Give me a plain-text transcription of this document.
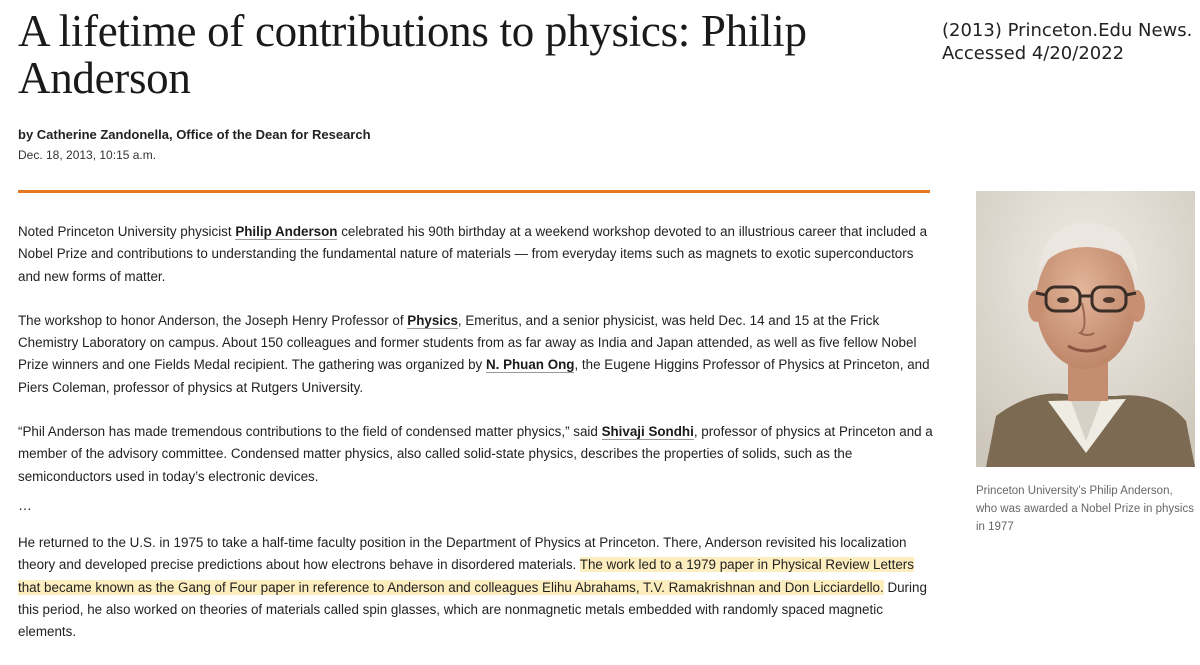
A lifetime of contributions to physics: Philip Anderson
(2013) Princeton.Edu News. Accessed 4/20/2022
by Catherine Zandonella, Office of the Dean for Research
Dec. 18, 2013, 10:15 a.m.

Noted Princeton University physicist Philip Anderson celebrated his 90th birthday at a weekend workshop devoted to an illustrious career that included a Nobel Prize and contributions to understanding the fundamental nature of materials — from everyday items such as magnets to exotic superconductors and new forms of matter.

The workshop to honor Anderson, the Joseph Henry Professor of Physics, Emeritus, and a senior physicist, was held Dec. 14 and 15 at the Frick Chemistry Laboratory on campus. About 150 colleagues and former students from as far away as India and Japan attended, as well as five fellow Nobel Prize winners and one Fields Medal recipient. The gathering was organized by N. Phuan Ong, the Eugene Higgins Professor of Physics at Princeton, and Piers Coleman, professor of physics at Rutgers University.

“Phil Anderson has made tremendous contributions to the field of condensed matter physics,” said Shivaji Sondhi, professor of physics at Princeton and a member of the advisory committee. Condensed matter physics, also called solid-state physics, describes the properties of solids, such as the semiconductors used in today’s electronic devices.

…

He returned to the U.S. in 1975 to take a half-time faculty position in the Department of Physics at Princeton. There, Anderson revisited his localization theory and developed precise predictions about how electrons behave in disordered materials. The work led to a 1979 paper in Physical Review Letters that became known as the Gang of Four paper in reference to Anderson and colleagues Elihu Abrahams, T.V. Ramakrishnan and Don Licciardello. During this period, he also worked on theories of materials called spin glasses, which are nonmagnetic metals embedded with randomly spaced magnetic elements.

Princeton University’s Philip Anderson, who was awarded a Nobel Prize in physics in 1977
